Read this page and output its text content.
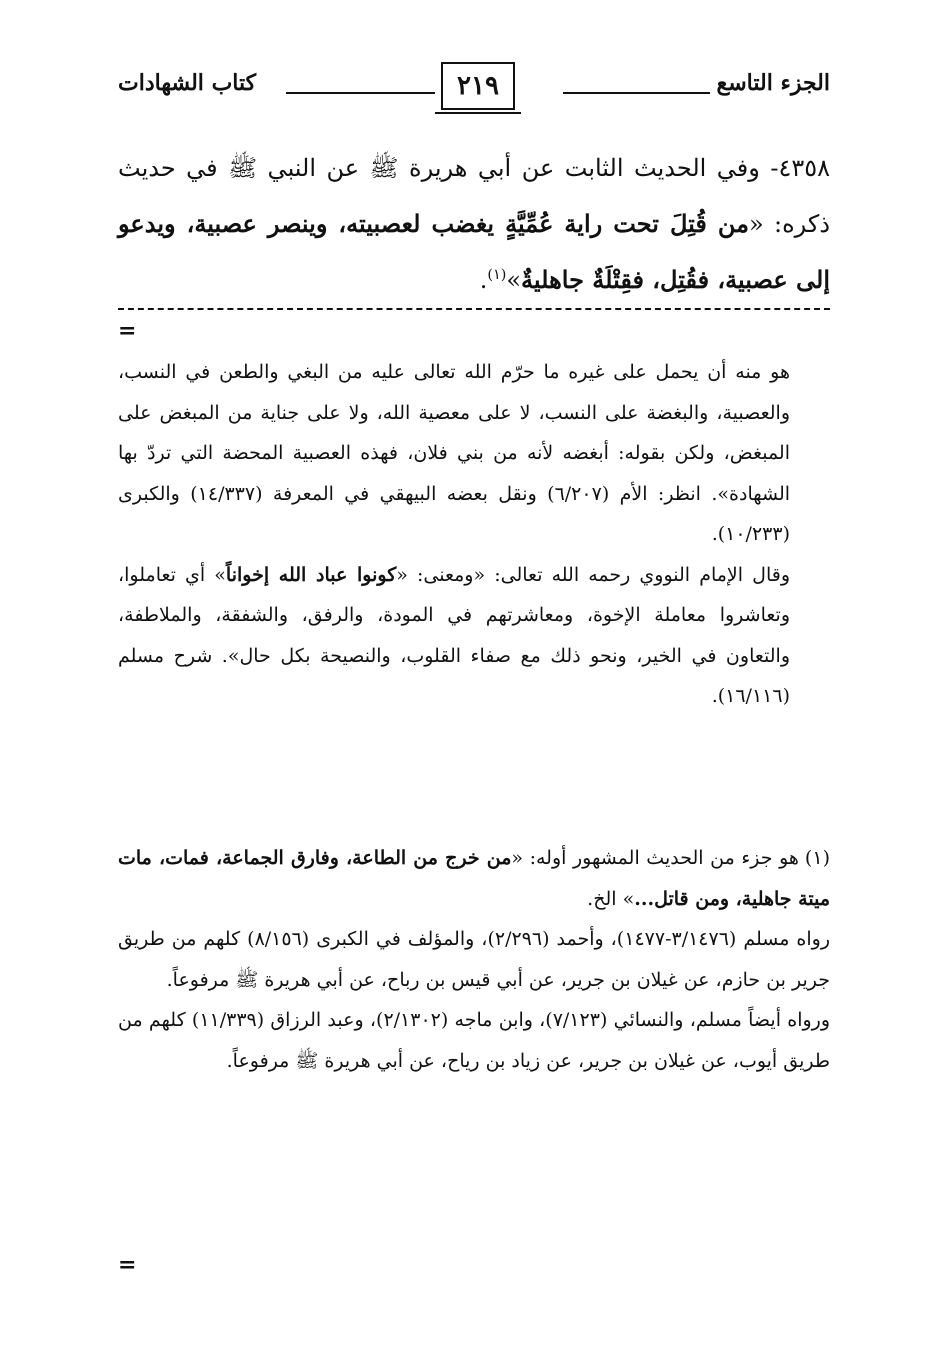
الجزء التاسع
٢١٩
كتاب الشهادات
٤٣٥٨- وفي الحديث الثابت عن أبي هريرة ﷺ عن النبي ﷺ في حديث ذكره: «من قُتِلَ تحت راية عُمِّيَّةٍ يغضب لعصبيته، وينصر عصبية، ويدعو إلى عصبية، فقُتِل، فقِتْلَةٌ جاهليةٌ»$^{(١)}$.
=

هو منه أن يحمل على غيره ما حرّم الله تعالى عليه من البغي والطعن في النسب، والعصبية، والبغضة على النسب، لا على معصية الله، ولا على جناية من المبغض على المبغض، ولكن بقوله: أبغضه لأنه من بني فلان، فهذه العصبية المحضة التي تردّ بها الشهادة». انظر: الأم (٦/٢٠٧) ونقل بعضه البيهقي في المعرفة (١٤/٣٣٧) والكبرى (١٠/٢٣٣).

وقال الإمام النووي رحمه الله تعالى: «ومعنى: «كونوا عباد الله إخواناً» أي تعاملوا، وتعاشروا معاملة الإخوة، ومعاشرتهم في المودة، والرفق، والشفقة، والملاطفة، والتعاون في الخير، ونحو ذلك مع صفاء القلوب، والنصيحة بكل حال». شرح مسلم (١٦/١١٦).

(١)هو جزء من الحديث المشهور أوله: «من خرج من الطاعة، وفارق الجماعة، فمات، مات ميتة جاهلية، ومن قاتل...» الخ.

رواه مسلم (٣/١٤٧٦-١٤٧٧)، وأحمد (٢/٢٩٦)، والمؤلف في الكبرى (٨/١٥٦) كلهم من طريق جرير بن حازم، عن غيلان بن جرير، عن أبي قيس بن رباح، عن أبي هريرة ﷺ مرفوعاً.

ورواه أيضاً مسلم، والنسائي (٧/١٢٣)، وابن ماجه (٢/١٣٠٢)، وعبد الرزاق (١١/٣٣٩) كلهم من طريق أيوب، عن غيلان بن جرير، عن زياد بن رياح، عن أبي هريرة ﷺ مرفوعاً.

=
